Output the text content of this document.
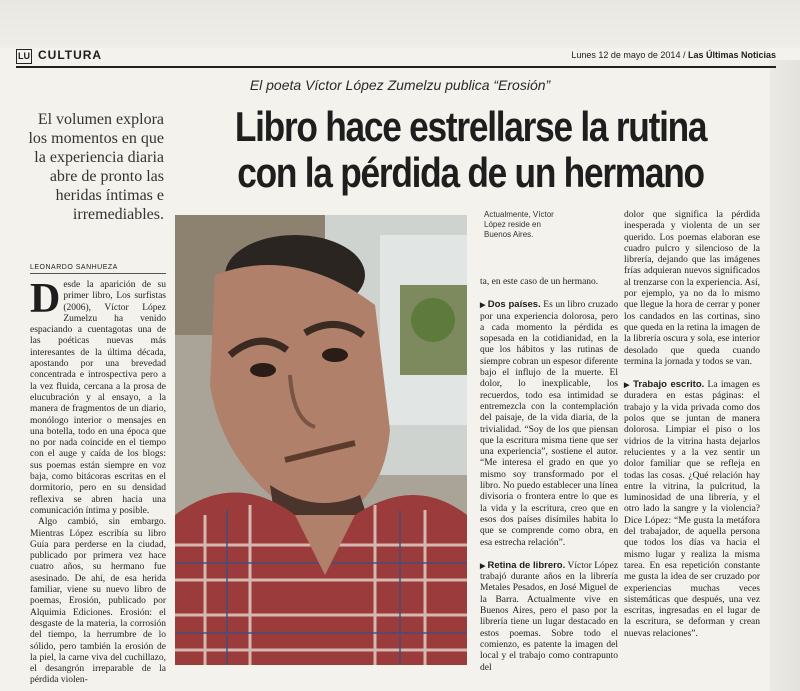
LU CULTURA	Lunes 12 de mayo de 2014 / Las Últimas Noticias
El poeta Víctor López Zumelzu publica “Erosión”
Libro hace estrellarse la rutina
con la pérdida de un hermano
El volumen explora los momentos en que la experiencia diaria abre de pronto las heridas íntimas e irremediables.
LEONARDO SANHUEZA

Desde la aparición de su primer libro, Los surfistas (2006), Víctor López Zumelzu ha venido espaciando a cuentagotas una de las poéticas nuevas más interesantes de la última década, apostando por una brevedad concentrada e introspectiva pero a la vez fluida, cercana a la prosa de elucubración y al ensayo, a la manera de fragmentos de un diario, monólogo interior o mensajes en una botella, todo en una época que no por nada coincide en el tiempo con el auge y caída de los blogs: sus poemas están siempre en voz baja, como bitácoras escritas en el dormitorio, pero en su densidad reflexiva se abren hacia una comunicación íntima y posible.

Algo cambió, sin embargo. Mientras López escribía su libro Guía para perderse en la ciudad, publicado por primera vez hace cuatro años, su hermano fue asesinado. De ahí, de esa herida familiar, viene su nuevo libro de poemas, Erosión, publicado por Alquimia Ediciones. Erosión: el desgaste de la materia, la corrosión del tiempo, la herrumbre de lo sólido, pero también la erosión de la piel, la carne viva del cuchillazo, el desangrón irreparable de la pérdida violen-

Actualmente, Víctor López reside en Buenos Aires.

ta, en este caso de un hermano.

▶ Dos países. Es un libro cruzado por una experiencia dolorosa, pero a cada momento la pérdida es sopesada en la cotidianidad, en la que los hábitos y las rutinas de siempre cobran un espesor diferente bajo el influjo de la muerte. El dolor, lo inexplicable, los recuerdos, todo esa intimidad se entremezcla con la contemplación del paisaje, de la vida diaria, de la trivialidad. “Soy de los que piensan que la escritura misma tiene que ser una experiencia”, sostiene el autor. “Me interesa el grado en que yo mismo soy transformado por el libro. No puedo establecer una línea divisoria o frontera entre lo que es la vida y la escritura, creo que en esos dos países disímiles habita lo que se comprende como obra, en esa estrecha relación”.

▶ Retina de librero. Víctor López trabajó durante años en la librería Metales Pesados, en José Miguel de la Barra. Actualmente vive en Buenos Aires, pero el paso por la librería tiene un lugar destacado en estos poemas. Sobre todo el comienzo, es patente la imagen del local y el trabajo como contrapunto del

dolor que significa la pérdida inesperada y violenta de un ser querido. Los poemas elaboran ese cuadro pulcro y silencioso de la librería, dejando que las imágenes frías adquieran nuevos significados al trenzarse con la experiencia. Así, por ejemplo, ya no da lo mismo que llegue la hora de cerrar y poner los candados en las cortinas, sino que queda en la retina la imagen de la librería oscura y sola, ese interior desolado que queda cuando termina la jornada y todos se van.

▶ Trabajo escrito. La imagen es duradera en estas páginas: el trabajo y la vida privada como dos polos que se juntan de manera dolorosa. Limpiar el piso o los vidrios de la vitrina hasta dejarlos relucientes y a la vez sentir un dolor familiar que se refleja en todas las cosas. ¿Qué relación hay entre la vitrina, la pulcritud, la luminosidad de una librería, y el otro lado la sangre y la violencia? Dice López: “Me gusta la metáfora del trabajador, de aquella persona que todos los días va hacia el mismo lugar y realiza la misma tarea. En esa repetición constante me gusta la idea de ser cruzado por experiencias muchas veces sistemáticas que después, una vez escritas, ingresadas en el lugar de la escritura, se deforman y crean nuevas relaciones”.
